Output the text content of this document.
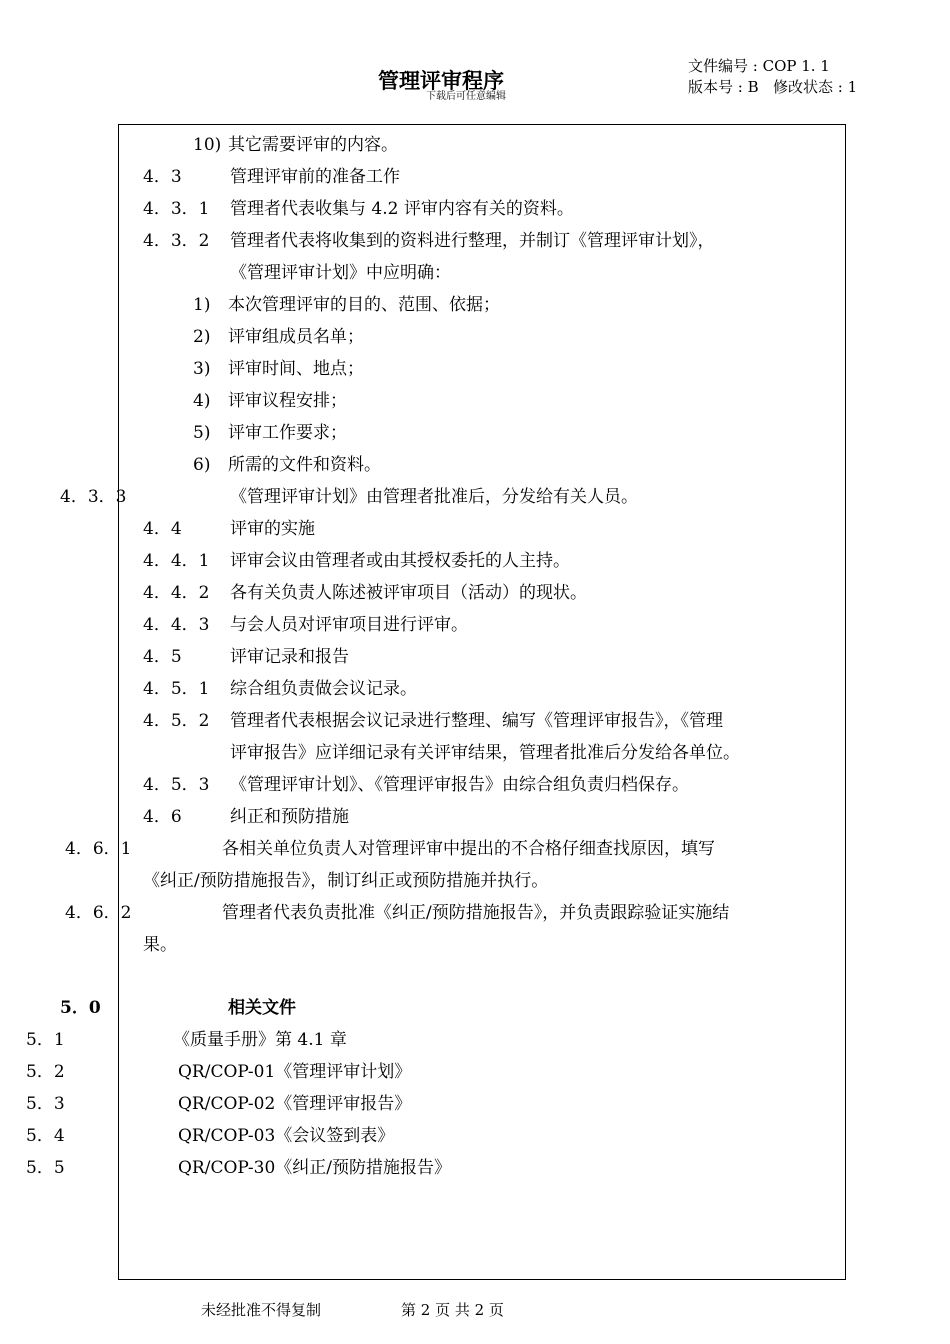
管理评审程序
下载后可任意编辑
文件编号 : COP 1. 1
版本号 : B 修改状态 : 1
10) 其它需要评审的内容。
4．3	管理评审前的准备工作
4．3．1 管理者代表收集与 4.2 评审内容有关的资料。
4．3．2 管理者代表将收集到的资料进行整理，并制订《管理评审计划》，
《管理评审计划》中应明确：
1) 本次管理评审的目的、范围、依据；
2) 评审组成员名单；
3) 评审时间、地点；
4) 评审议程安排；
5) 评审工作要求；
6) 所需的文件和资料。
4．3．3	《管理评审计划》由管理者批准后，分发给有关人员。
4．4	评审的实施
4．4．1 评审会议由管理者或由其授权委托的人主持。
4．4．2 各有关负责人陈述被评审项目（活动）的现状。
4．4．3 与会人员对评审项目进行评审。
4．5	评审记录和报告
4．5．1 综合组负责做会议记录。
4．5．2 管理者代表根据会议记录进行整理、编写《管理评审报告》，《管理
评审报告》应详细记录有关评审结果，管理者批准后分发给各单位。
4．5．3 《管理评审计划》、《管理评审报告》由综合组负责归档保存。
4．6	纠正和预防措施
4．6．1	各相关单位负责人对管理评审中提出的不合格仔细查找原因，填写
《纠正/预防措施报告》，制订纠正或预防措施并执行。
4．6．2	管理者代表负责批准《纠正/预防措施报告》，并负责跟踪验证实施结
果。
5．0	相关文件
5．1	《质量手册》第 4.1 章
5．2	QR/COP-01《管理评审计划》
5．3	QR/COP-02《管理评审报告》
5．4	QR/COP-03《会议签到表》
5．5	QR/COP-30《纠正/预防措施报告》
未经批准不得复制	第 2 页 共 2 页
